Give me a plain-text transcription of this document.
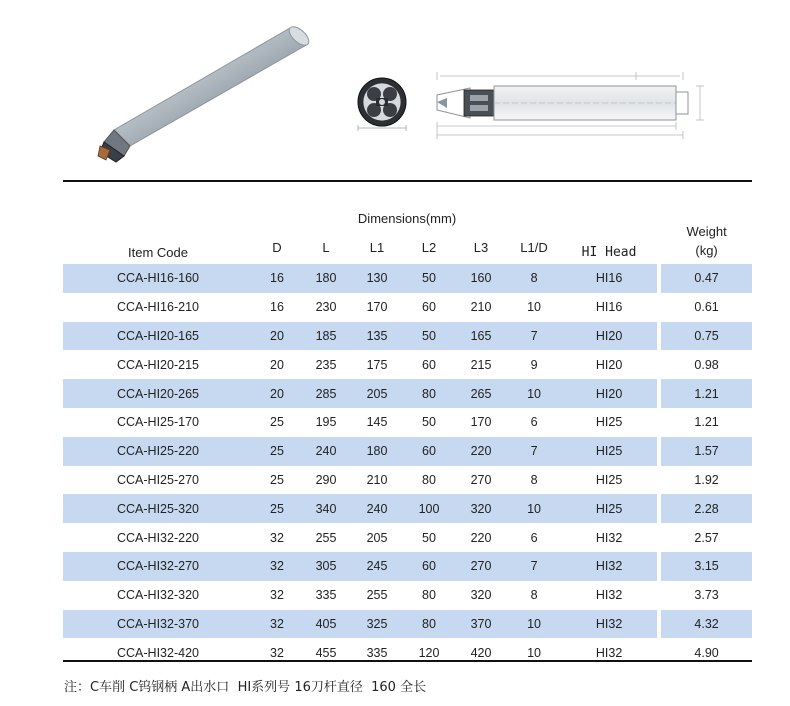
Item Code	Dimensions(mm)						HI Head		Weight
(kg)

	D	L	L1	L2	L3	L1/D			
CCA-HI16-160	16	180	130	50	160	8	HI16		0.47
CCA-HI16-210	16	230	170	60	210	10	HI16		0.61
CCA-HI20-165	20	185	135	50	165	7	HI20		0.75
CCA-HI20-215	20	235	175	60	215	9	HI20		0.98
CCA-HI20-265	20	285	205	80	265	10	HI20		1.21
CCA-HI25-170	25	195	145	50	170	6	HI25		1.21
CCA-HI25-220	25	240	180	60	220	7	HI25		1.57
CCA-HI25-270	25	290	210	80	270	8	HI25		1.92
CCA-HI25-320	25	340	240	100	320	10	HI25		2.28
CCA-HI32-220	32	255	205	50	220	6	HI32		2.57
CCA-HI32-270	32	305	245	60	270	7	HI32		3.15
CCA-HI32-320	32	335	255	80	320	8	HI32		3.73
CCA-HI32-370	32	405	325	80	370	10	HI32		4.32
CCA-HI32-420	32	455	335	120	420	10	HI32		4.90
注：C车削 C钨钢柄 A出水口  HI系列号 16刀杆直径  160 全长
